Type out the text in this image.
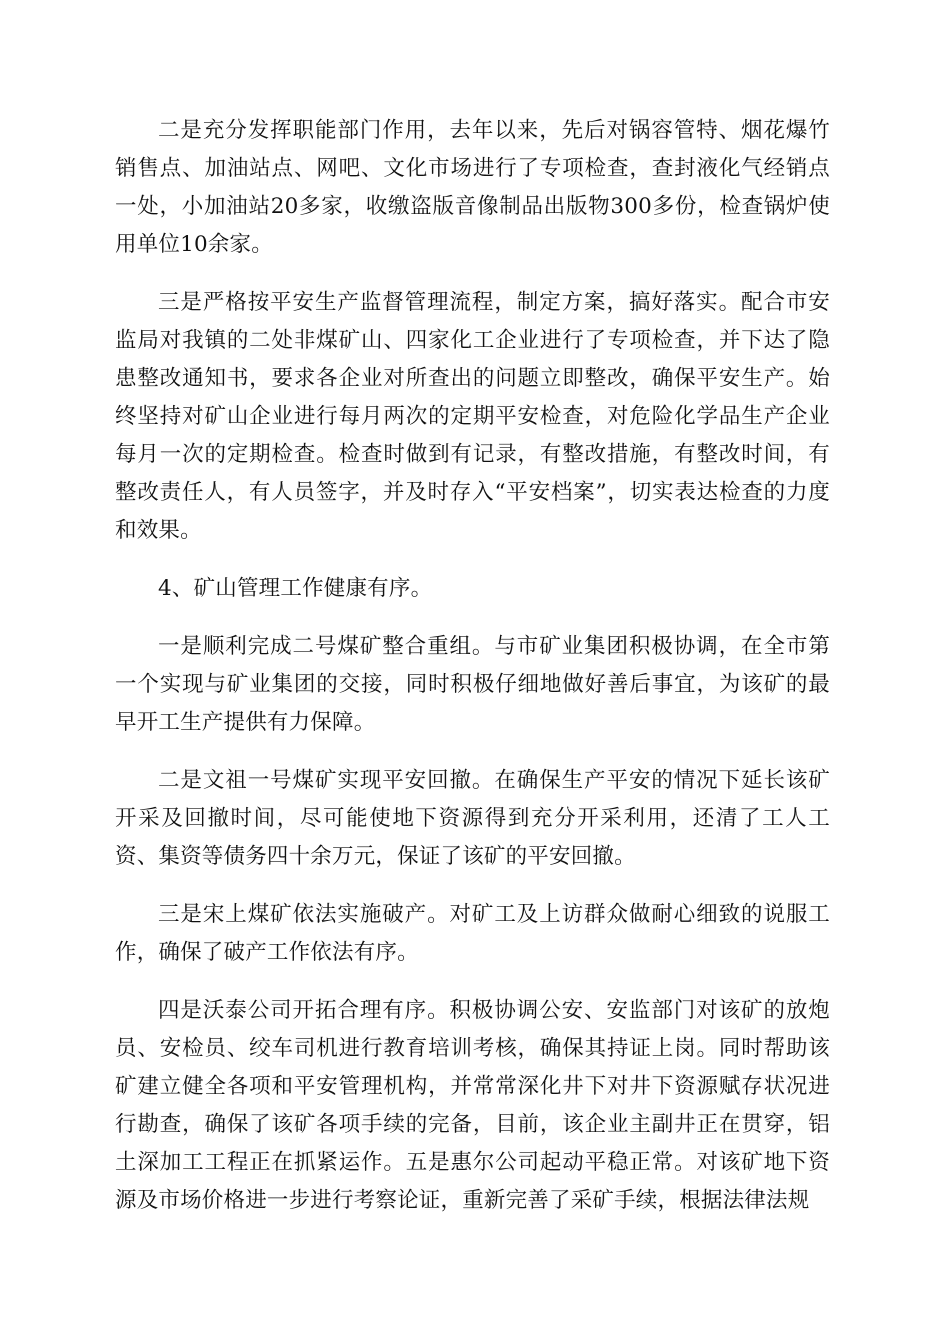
二是充分发挥职能部门作用，去年以来，先后对锅容管特、烟花爆竹销售点、加油站点、网吧、文化市场进行了专项检查，查封液化气经销点一处，小加油站20多家，收缴盗版音像制品出版物300多份，检查锅炉使用单位10余家。

三是严格按平安生产监督管理流程，制定方案，搞好落实。配合市安监局对我镇的二处非煤矿山、四家化工企业进行了专项检查，并下达了隐患整改通知书，要求各企业对所查出的问题立即整改，确保平安生产。始终坚持对矿山企业进行每月两次的定期平安检查，对危险化学品生产企业每月一次的定期检查。检查时做到有记录，有整改措施，有整改时间，有整改责任人，有人员签字，并及时存入“平安档案”，切实表达检查的力度和效果。

4、矿山管理工作健康有序。

一是顺利完成二号煤矿整合重组。与市矿业集团积极协调，在全市第一个实现与矿业集团的交接，同时积极仔细地做好善后事宜，为该矿的最早开工生产提供有力保障。

二是文祖一号煤矿实现平安回撤。在确保生产平安的情况下延长该矿开采及回撤时间，尽可能使地下资源得到充分开采利用，还清了工人工资、集资等债务四十余万元，保证了该矿的平安回撤。

三是宋上煤矿依法实施破产。对矿工及上访群众做耐心细致的说服工作，确保了破产工作依法有序。

四是沃泰公司开拓合理有序。积极协调公安、安监部门对该矿的放炮员、安检员、绞车司机进行教育培训考核，确保其持证上岗。同时帮助该矿建立健全各项和平安管理机构，并常常深化井下对井下资源赋存状况进行勘查，确保了该矿各项手续的完备，目前，该企业主副井正在贯穿，铝土深加工工程正在抓紧运作。五是惠尔公司起动平稳正常。对该矿地下资源及市场价格进一步进行考察论证，重新完善了采矿手续，根据法律法规
